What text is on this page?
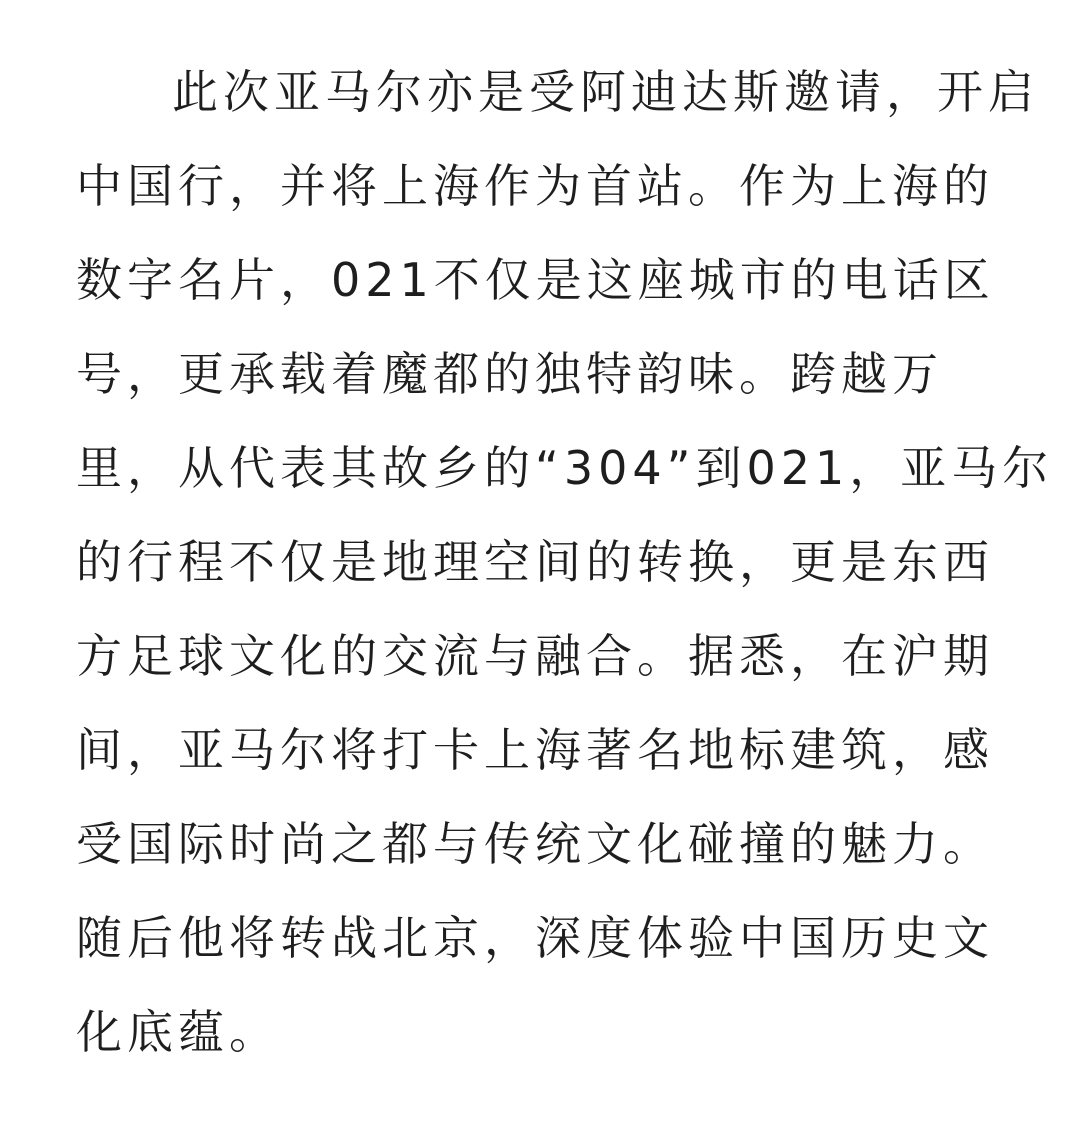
此次亚马尔亦是受阿迪达斯邀请，开启
中国行，并将上海作为首站。作为上海的
数字名片，021不仅是这座城市的电话区
号，更承载着魔都的独特韵味。跨越万
里，从代表其故乡的“304”到021，亚马尔
的行程不仅是地理空间的转换，更是东西
方足球文化的交流与融合。据悉，在沪期
间，亚马尔将打卡上海著名地标建筑，感
受国际时尚之都与传统文化碰撞的魅力。
随后他将转战北京，深度体验中国历史文
化底蕴。
